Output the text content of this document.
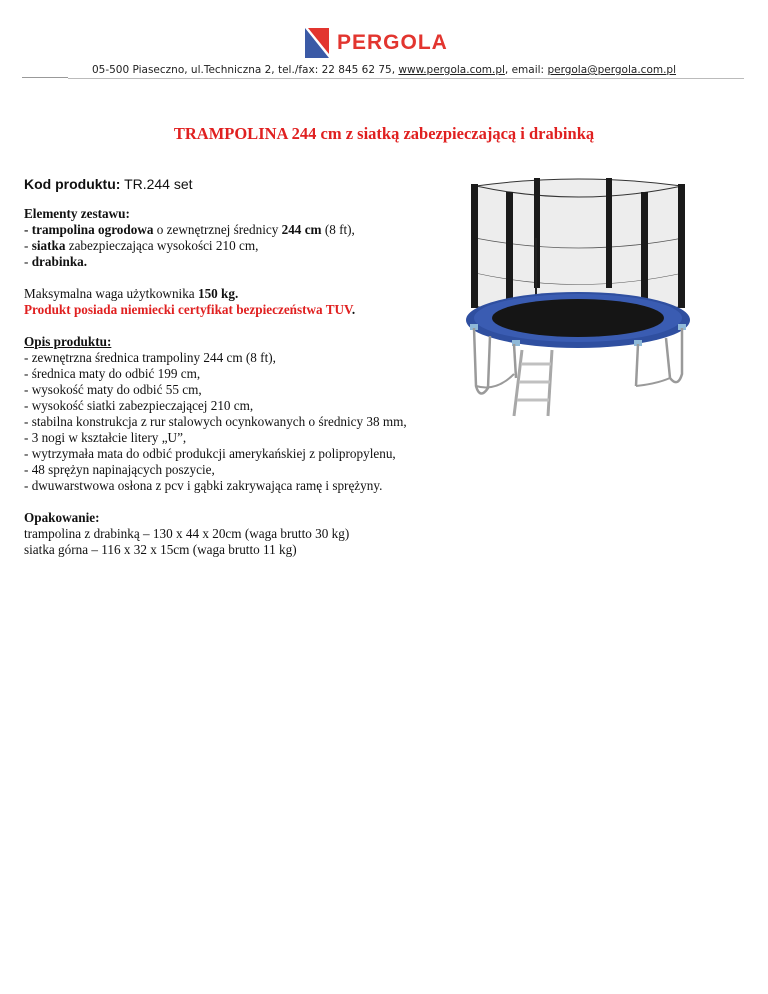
PERGOLA
05-500 Piaseczno, ul.Techniczna 2, tel./fax: 22 845 62 75, www.pergola.com.pl, email: pergola@pergola.com.pl
TRAMPOLINA 244 cm z siatką zabezpieczającą i drabinką
Kod produktu: TR.244 set
Elementy zestawu:
- trampolina ogrodowa o zewnętrznej średnicy 244 cm (8 ft),
- siatka zabezpieczająca wysokości 210 cm,
- drabinka.
Maksymalna waga użytkownika 150 kg.
Produkt posiada niemiecki certyfikat bezpieczeństwa TUV.
Opis produktu:
- zewnętrzna średnica trampoliny 244 cm (8 ft),
- średnica maty do odbić 199 cm,
- wysokość maty do odbić 55 cm,
- wysokość siatki zabezpieczającej 210 cm,
- stabilna konstrukcja z rur stalowych ocynkowanych o średnicy 38 mm,
- 3 nogi w kształcie litery „U”,
- wytrzymała mata do odbić produkcji amerykańskiej z polipropylenu,
- 48 sprężyn napinających poszycie,
- dwuwarstwowa osłona z pcv i gąbki zakrywająca ramę i sprężyny.
Opakowanie:
trampolina z drabinką – 130 x 44 x 20cm (waga brutto 30 kg)
siatka górna – 116 x 32 x 15cm (waga brutto 11 kg)
